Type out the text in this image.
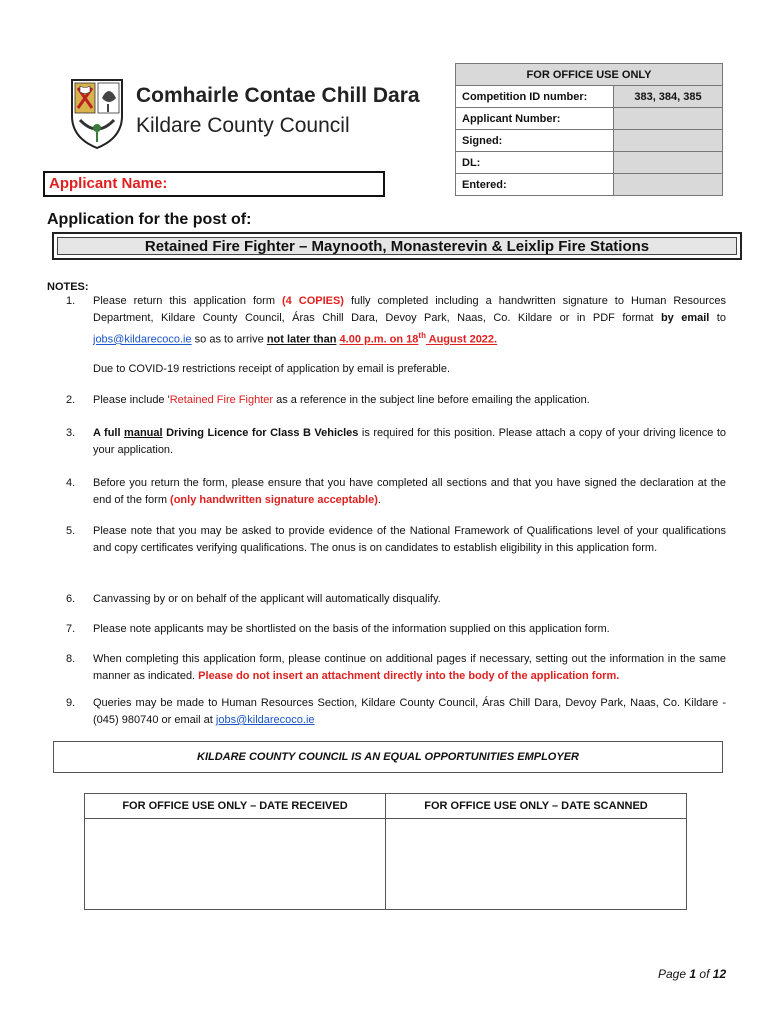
Comhairle Contae Chill Dara
Kildare County Council
FOR OFFICE USE ONLY	
Competition ID number:	383, 384, 385
Applicant Number:	
Signed:	
DL:	
Entered:	
Applicant Name:
Application for the post of:
Retained Fire Fighter – Maynooth, Monasterevin & Leixlip Fire Stations
NOTES:
1.	Please return this application form (4 COPIES) fully completed including a handwritten signature to Human Resources Department, Kildare County Council, Áras Chill Dara, Devoy Park, Naas, Co. Kildare or in PDF format by email to jobs@kildarecoco.ie so as to arrive not later than 4.00 p.m. on 18th August 2022.
Due to COVID-19 restrictions receipt of application by email is preferable.
2.	Please include 'Retained Fire Fighter as a reference in the subject line before emailing the application.
3.	A full manual Driving Licence for Class B Vehicles is required for this position. Please attach a copy of your driving licence to your application.
4.	Before you return the form, please ensure that you have completed all sections and that you have signed the declaration at the end of the form (only handwritten signature acceptable).
5.	Please note that you may be asked to provide evidence of the National Framework of Qualifications level of your qualifications and copy certificates verifying qualifications. The onus is on candidates to establish eligibility in this application form.
6.	Canvassing by or on behalf of the applicant will automatically disqualify.
7.	Please note applicants may be shortlisted on the basis of the information supplied on this application form.
8.	When completing this application form, please continue on additional pages if necessary, setting out the information in the same manner as indicated. Please do not insert an attachment directly into the body of the application form.
9.	Queries may be made to Human Resources Section, Kildare County Council, Áras Chill Dara, Devoy Park, Naas, Co. Kildare - (045) 980740 or email at jobs@kildarecoco.ie
KILDARE COUNTY COUNCIL IS AN EQUAL OPPORTUNITIES EMPLOYER
FOR OFFICE USE ONLY – DATE RECEIVED	FOR OFFICE USE ONLY – DATE SCANNED

Page 1 of 12
